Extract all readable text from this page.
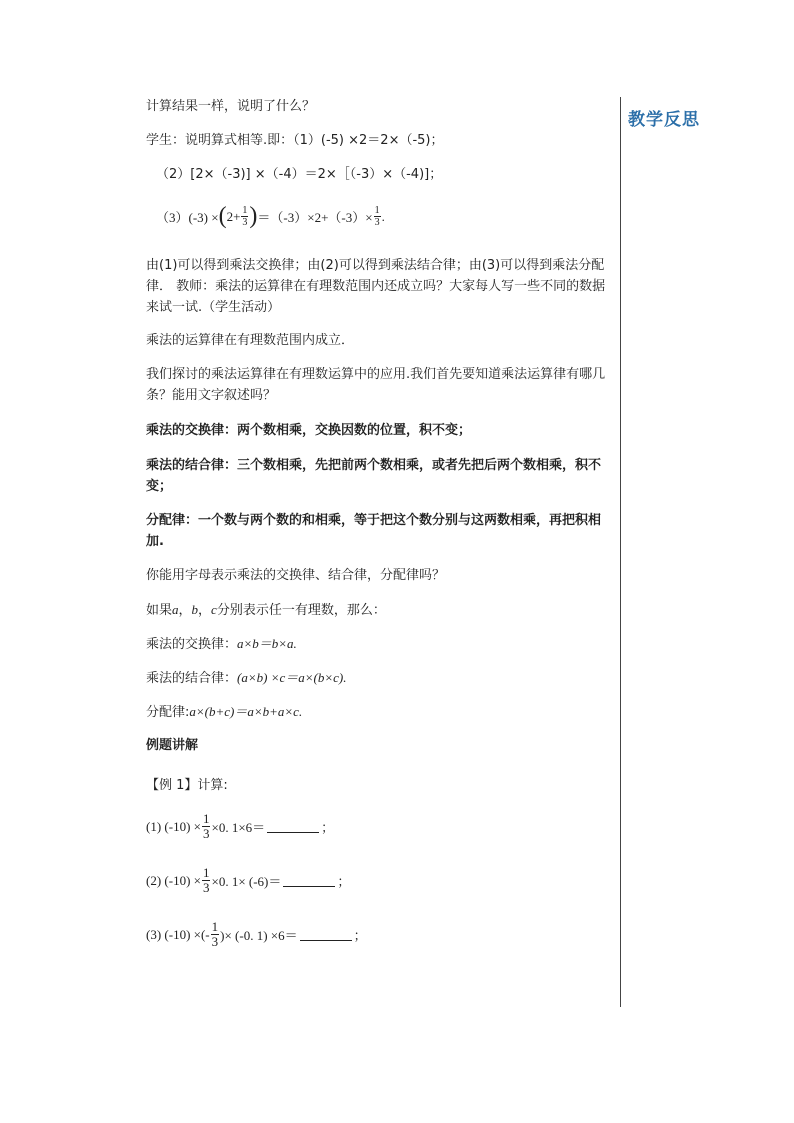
教学反思
计算结果一样，说明了什么？
学生：说明算式相等.即：（1）(-5) ×2＝2×（-5)；
（2）[2×（-3)] ×（-4）＝2×［（-3）×（-4)]；
（3）(-3) × ( $2+ \frac{1}{3}$ ) $=(-3)\times 2+(-3)\times \frac{1}{3}$ .
由(1)可以得到乘法交换律；由(2)可以得到乘法结合律；由(3)可以得到乘法分配律． 教师：乘法的运算律在有理数范围内还成立吗？大家每人写一些不同的数据来试一试.（学生活动）
乘法的运算律在有理数范围内成立．
我们探讨的乘法运算律在有理数运算中的应用.我们首先要知道乘法运算律有哪几条？能用文字叙述吗？
乘法的交换律：两个数相乘，交换因数的位置，积不变；
乘法的结合律：三个数相乘，先把前两个数相乘，或者先把后两个数相乘，积不变；
分配律：一个数与两个数的和相乘，等于把这个数分别与这两数相乘，再把积相加.
你能用字母表示乘法的交换律、结合律，分配律吗？
如果a，b，c分别表示任一有理数，那么：
乘法的交换律：a×b＝b×a.
乘法的结合律：(a×b) ×c＝a×(b×c).
分配律:a×(b+c)＝a×b+a×c.
例题讲解
【例 1】计算:
(1) $(-10) \times \frac{1}{3} \times 0$. 1×6＝	；
(2) $(-10) \times \frac{1}{3} \times 0$. 1× (-6)＝	；
(3) (-10) ×(- $\frac{1}{3}$ )× (-0. 1) ×6＝	；
